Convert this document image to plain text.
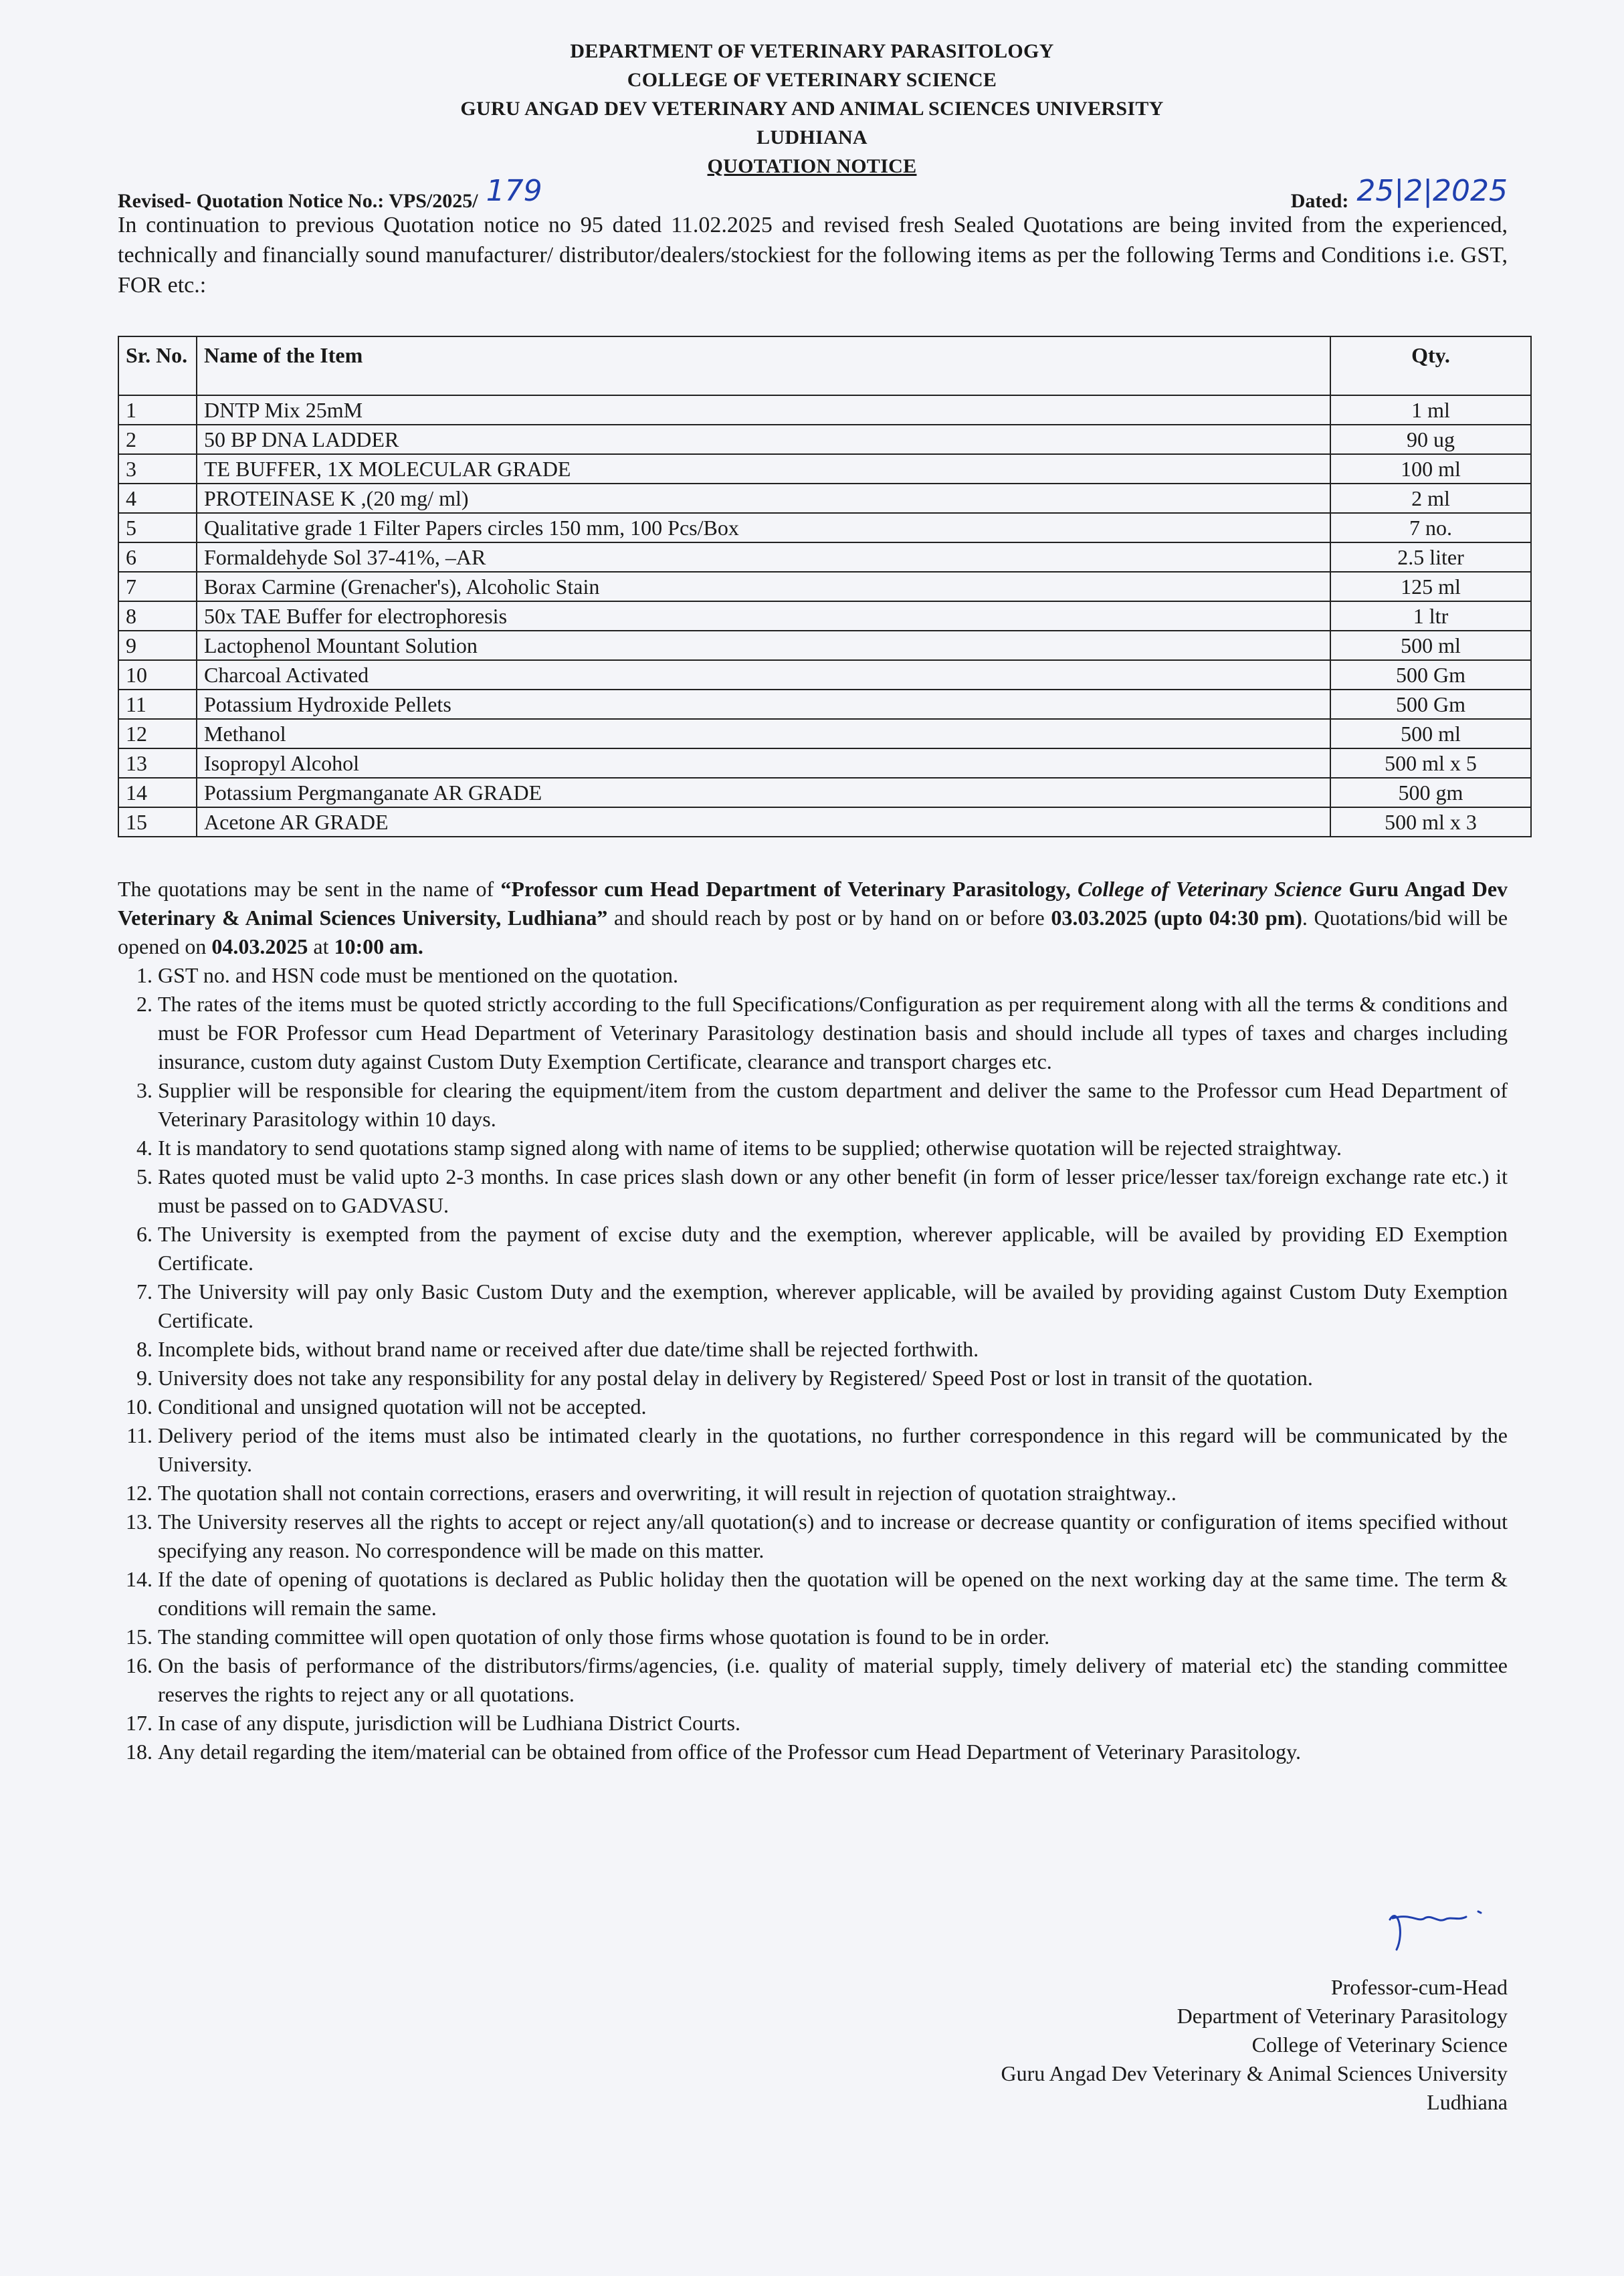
DEPARTMENT OF VETERINARY PARASITOLOGY
COLLEGE OF VETERINARY SCIENCE
GURU ANGAD DEV VETERINARY AND ANIMAL SCIENCES UNIVERSITY
LUDHIANA
QUOTATION NOTICE
Revised- Quotation Notice No.: VPS/2025/ 179	Dated: 25|2|2025
In continuation to previous Quotation notice no 95 dated 11.02.2025 and revised fresh Sealed Quotations are being invited from the experienced, technically and financially sound manufacturer/ distributor/dealers/stockiest for the following items as per the following Terms and Conditions i.e. GST, FOR etc.:
Sr. No.	Name of the Item	Qty.
1	DNTP Mix 25mM	1 ml
2	50 BP DNA LADDER	90 ug
3	TE BUFFER, 1X MOLECULAR GRADE	100 ml
4	PROTEINASE K ,(20 mg/ ml)	2 ml
5	Qualitative grade 1 Filter Papers circles 150 mm, 100 Pcs/Box	7 no.
6	Formaldehyde Sol 37-41%, –AR	2.5 liter
7	Borax Carmine (Grenacher's), Alcoholic Stain	125 ml
8	50x TAE Buffer for electrophoresis	1 ltr
9	Lactophenol Mountant Solution	500 ml
10	Charcoal Activated	500 Gm
11	Potassium Hydroxide Pellets	500 Gm
12	Methanol	500 ml
13	Isopropyl Alcohol	500 ml x 5
14	Potassium Pergmanganate AR GRADE	500 gm
15	Acetone AR GRADE	500 ml x 3
The quotations may be sent in the name of “Professor cum Head Department of Veterinary Parasitology, College of Veterinary Science Guru Angad Dev Veterinary & Animal Sciences University, Ludhiana” and should reach by post or by hand on or before 03.03.2025 (upto 04:30 pm). Quotations/bid will be opened on 04.03.2025 at 10:00 am.
1. GST no. and HSN code must be mentioned on the quotation.
2. The rates of the items must be quoted strictly according to the full Specifications/Configuration as per requirement along with all the terms & conditions and must be FOR Professor cum Head Department of Veterinary Parasitology destination basis and should include all types of taxes and charges including insurance, custom duty against Custom Duty Exemption Certificate, clearance and transport charges etc.
3. Supplier will be responsible for clearing the equipment/item from the custom department and deliver the same to the Professor cum Head Department of Veterinary Parasitology within 10 days.
4. It is mandatory to send quotations stamp signed along with name of items to be supplied; otherwise quotation will be rejected straightway.
5. Rates quoted must be valid upto 2-3 months. In case prices slash down or any other benefit (in form of lesser price/lesser tax/foreign exchange rate etc.) it must be passed on to GADVASU.
6. The University is exempted from the payment of excise duty and the exemption, wherever applicable, will be availed by providing ED Exemption Certificate.
7. The University will pay only Basic Custom Duty and the exemption, wherever applicable, will be availed by providing against Custom Duty Exemption Certificate.
8. Incomplete bids, without brand name or received after due date/time shall be rejected forthwith.
9. University does not take any responsibility for any postal delay in delivery by Registered/ Speed Post or lost in transit of the quotation.
10. Conditional and unsigned quotation will not be accepted.
11. Delivery period of the items must also be intimated clearly in the quotations, no further correspondence in this regard will be communicated by the University.
12. The quotation shall not contain corrections, erasers and overwriting, it will result in rejection of quotation straightway..
13. The University reserves all the rights to accept or reject any/all quotation(s) and to increase or decrease quantity or configuration of items specified without specifying any reason. No correspondence will be made on this matter.
14. If the date of opening of quotations is declared as Public holiday then the quotation will be opened on the next working day at the same time. The term & conditions will remain the same.
15. The standing committee will open quotation of only those firms whose quotation is found to be in order.
16. On the basis of performance of the distributors/firms/agencies, (i.e. quality of material supply, timely delivery of material etc) the standing committee reserves the rights to reject any or all quotations.
17. In case of any dispute, jurisdiction will be Ludhiana District Courts.
18. Any detail regarding the item/material can be obtained from office of the Professor cum Head Department of Veterinary Parasitology.
Professor-cum-Head
Department of Veterinary Parasitology
College of Veterinary Science
Guru Angad Dev Veterinary & Animal Sciences University
Ludhiana
